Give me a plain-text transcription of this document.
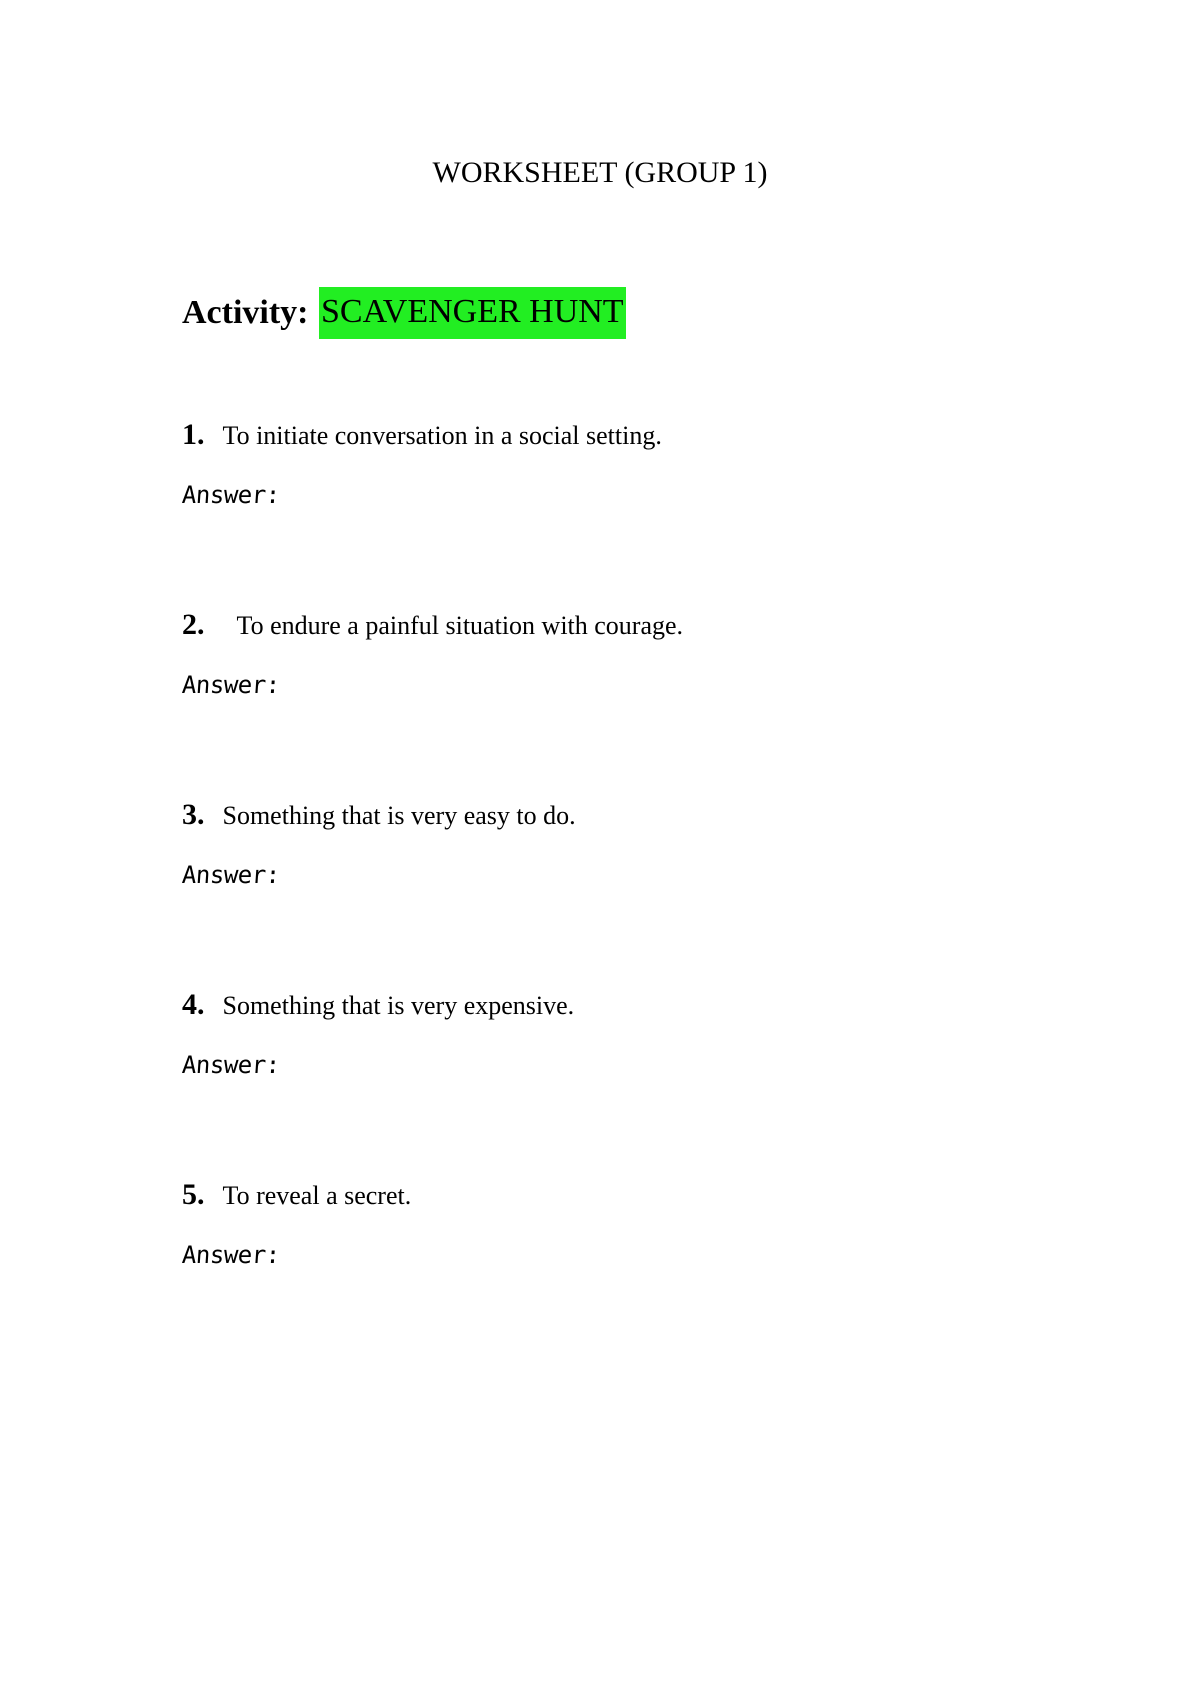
WORKSHEET (GROUP 1)
Activity: SCAVENGER HUNT
1. To initiate conversation in a social setting.
Answer:
2. To endure a painful situation with courage.
Answer:
3. Something that is very easy to do.
Answer:
4. Something that is very expensive.
Answer:
5. To reveal a secret.
Answer:
